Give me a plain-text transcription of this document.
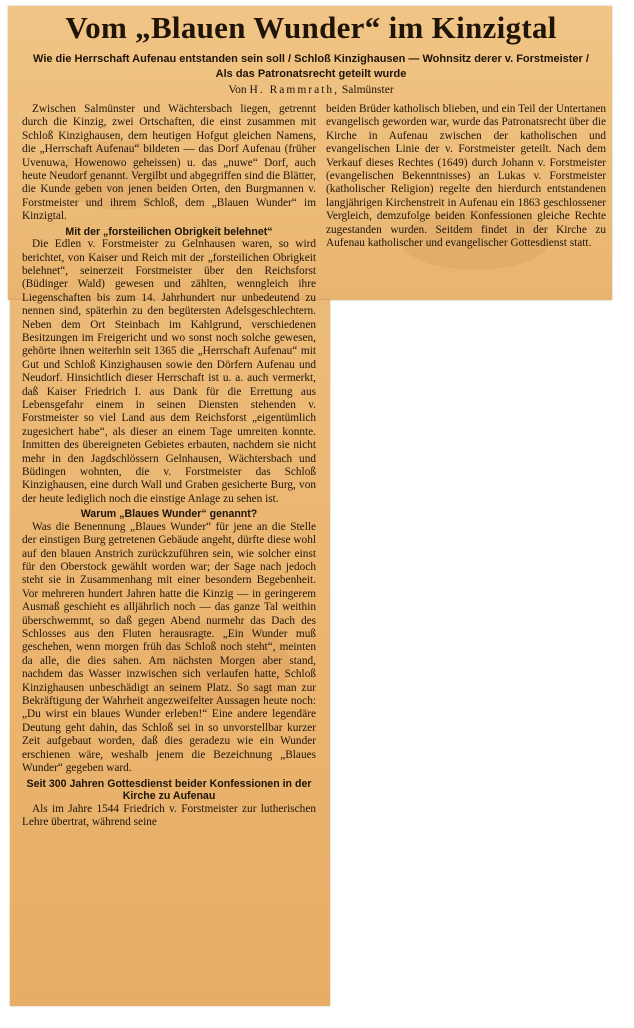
Vom „Blauen Wunder“ im Kinzigtal
Wie die Herrschaft Aufenau entstanden sein soll / Schloß Kinzighausen — Wohnsitz derer v. Forstmeister / Als das Patronatsrecht geteilt wurde
Von H. Rammrath, Salmünster

Zwischen Salmünster und Wächtersbach liegen, getrennt durch die Kinzig, zwei Ortschaften, die einst zusammen mit Schloß Kinzighausen, dem heutigen Hofgut gleichen Namens, die „Herrschaft Aufenau“ bildeten — das Dorf Aufenau (früher Uvenuwa, Howenowo geheissen) u. das „nuwe“ Dorf, auch heute Neudorf genannt. Vergilbt und abgegriffen sind die Blätter, die Kunde geben von jenen beiden Orten, den Burgmannen v. Forstmeister und ihrem Schloß, dem „Blauen Wunder“ im Kinzigtal.

Mit der „forsteilichen Obrigkeit belehnet“

Die Edlen v. Forstmeister zu Gelnhausen waren, so wird berichtet, von Kaiser und Reich mit der „forsteilichen Obrigkeit belehnet“, seinerzeit Forstmeister über den Reichsforst (Büdinger Wald) gewesen und zählten, wenngleich ihre Liegenschaften bis zum 14. Jahrhundert nur unbedeutend zu nennen sind, späterhin zu den begütersten Adelsgeschlechtern. Neben dem Ort Steinbach im Kahlgrund, verschiedenen Besitzungen im Freigericht und wo sonst noch solche gewesen, gehörte ihnen weiterhin seit 1365 die „Herrschaft Aufenau“ mit Gut und Schloß Kinzighausen sowie den Dörfern Aufenau und Neudorf. Hinsichtlich dieser Herrschaft ist u. a. auch vermerkt, daß Kaiser Friedrich I. aus Dank für die Errettung aus Lebensgefahr einem in seinen Diensten stehenden v. Forstmeister so viel Land aus dem Reichsforst „eigentümlich zugesichert habe“, als dieser an einem Tage umreiten konnte. Inmitten des übereigneten Gebietes erbauten, nachdem sie nicht mehr in den Jagdschlössern Gelnhausen, Wächtersbach und Büdingen wohnten, die v. Forstmeister das Schloß Kinzighausen, eine durch Wall und Graben gesicherte Burg, von der heute lediglich noch die einstige Anlage zu sehen ist.

Warum „Blaues Wunder“ genannt?

Was die Benennung „Blaues Wunder“ für jene an die Stelle der einstigen Burg getretenen Gebäude angeht, dürfte diese wohl auf den blauen Anstrich zurückzuführen sein, wie solcher einst für den Oberstock gewählt worden war; der Sage nach jedoch steht sie in Zusammenhang mit einer besondern Begebenheit. Vor mehreren hundert Jahren hatte die Kinzig — in geringerem Ausmaß geschieht es alljährlich noch — das ganze Tal weithin überschwemmt, so daß gegen Abend nurmehr das Dach des Schlosses aus den Fluten herausragte. „Ein Wunder muß geschehen, wenn morgen früh das Schloß noch steht“, meinten da alle, die dies sahen. Am nächsten Morgen aber stand, nachdem das Wasser inzwischen sich verlaufen hatte, Schloß Kinzighausen unbeschädigt an seinem Platz. So sagt man zur Bekräftigung der Wahrheit angezweifelter Aussagen heute noch: „Du wirst ein blaues Wunder erleben!“ Eine andere legendäre Deutung geht dahin, das Schloß sei in so unvorstellbar kurzer Zeit aufgebaut worden, daß dies geradezu wie ein Wunder erschienen wäre, weshalb jenem die Bezeichnung „Blaues Wunder“ gegeben ward.

Seit 300 Jahren Gottesdienst beider Konfessionen in der Kirche zu Aufenau

Als im Jahre 1544 Friedrich v. Forstmeister zur lutherischen Lehre übertrat, während seine

beiden Brüder katholisch blieben, und ein Teil der Untertanen evangelisch geworden war, wurde das Patronatsrecht über die Kirche in Aufenau zwischen der katholischen und evangelischen Linie der v. Forstmeister geteilt. Nach dem Verkauf dieses Rechtes (1649) durch Johann v. Forstmeister (evangelischen Bekenntnisses) an Lukas v. Forstmeister (katholischer Religion) regelte den hierdurch entstandenen langjährigen Kirchenstreit in Aufenau ein 1863 geschlossener Vergleich, demzufolge beiden Konfessionen gleiche Rechte zugestanden wurden. Seitdem findet in der Kirche zu Aufenau katholischer und evangelischer Gottesdienst statt.
